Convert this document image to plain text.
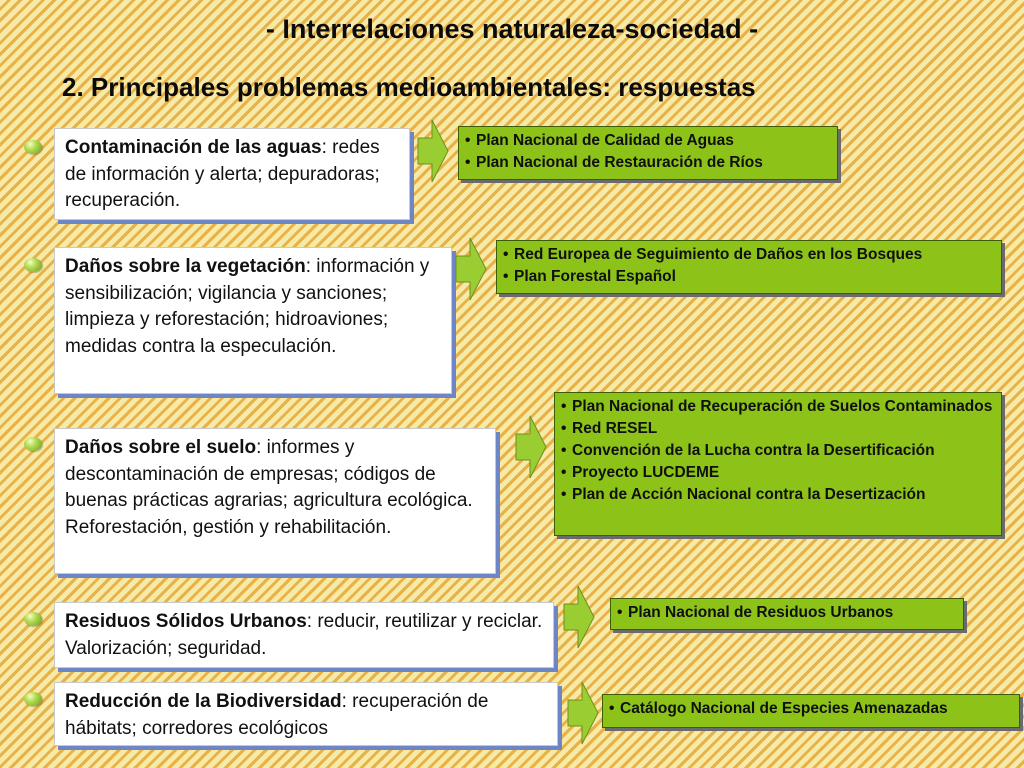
- Interrelaciones naturaleza-sociedad -
2. Principales problemas medioambientales: respuestas
Contaminación de las aguas: redes de información y alerta; depuradoras; recuperación.
• Plan Nacional de Calidad de Aguas
• Plan Nacional de Restauración de Ríos
Daños sobre la vegetación: información y sensibilización; vigilancia y sanciones; limpieza y reforestación; hidroaviones; medidas contra la especulación.
• Red Europea de Seguimiento de Daños en los Bosques
• Plan Forestal Español
Daños sobre el suelo: informes y descontaminación de empresas; códigos de buenas prácticas agrarias; agricultura ecológica.
Reforestación, gestión y rehabilitación.
• Plan Nacional de Recuperación de Suelos Contaminados
• Red RESEL
• Convención de la Lucha contra la Desertificación
• Proyecto LUCDEME
• Plan de Acción Nacional contra la Desertización
Residuos Sólidos Urbanos: reducir, reutilizar y reciclar. Valorización; seguridad.
• Plan Nacional de Residuos Urbanos
Reducción de la Biodiversidad: recuperación de hábitats; corredores ecológicos
• Catálogo Nacional de Especies Amenazadas
